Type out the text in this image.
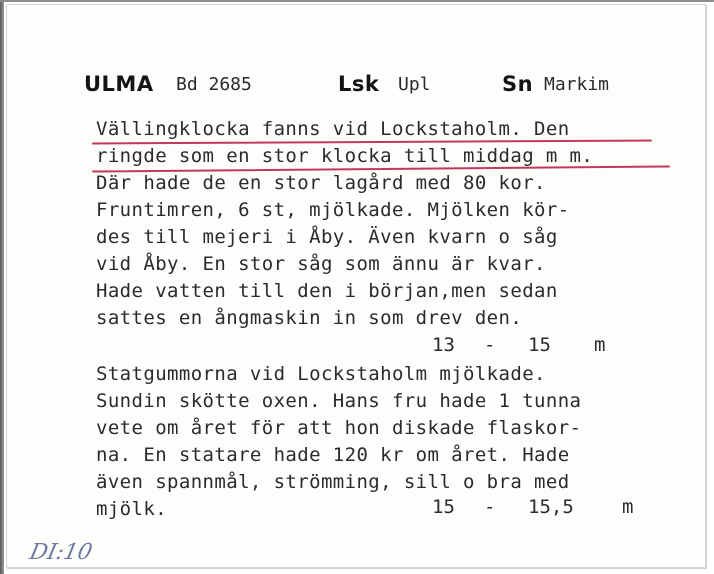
ULMA Bd 2685	Lsk Upl	Sn Markim
Vällingklocka fanns vid Lockstaholm. Den
ringde som en stor klocka till middag m m.
Där hade de en stor lagård med 80 kor.
Fruntimren, 6 st, mjölkade. Mjölken kör-
des till mejeri i Åby. Även kvarn o såg
vid Åby. En stor såg som ännu är kvar.
Hade vatten till den i början,men sedan
sattes en ångmaskin in som drev den.
13 - 15 m
Statgummorna vid Lockstaholm mjölkade.
Sundin skötte oxen. Hans fru hade 1 tunna
vete om året för att hon diskade flaskor-
na. En statare hade 120 kr om året. Hade
även spannmål, strömming, sill o bra med
mjölk.	15 - 15,5	m
DI:10
